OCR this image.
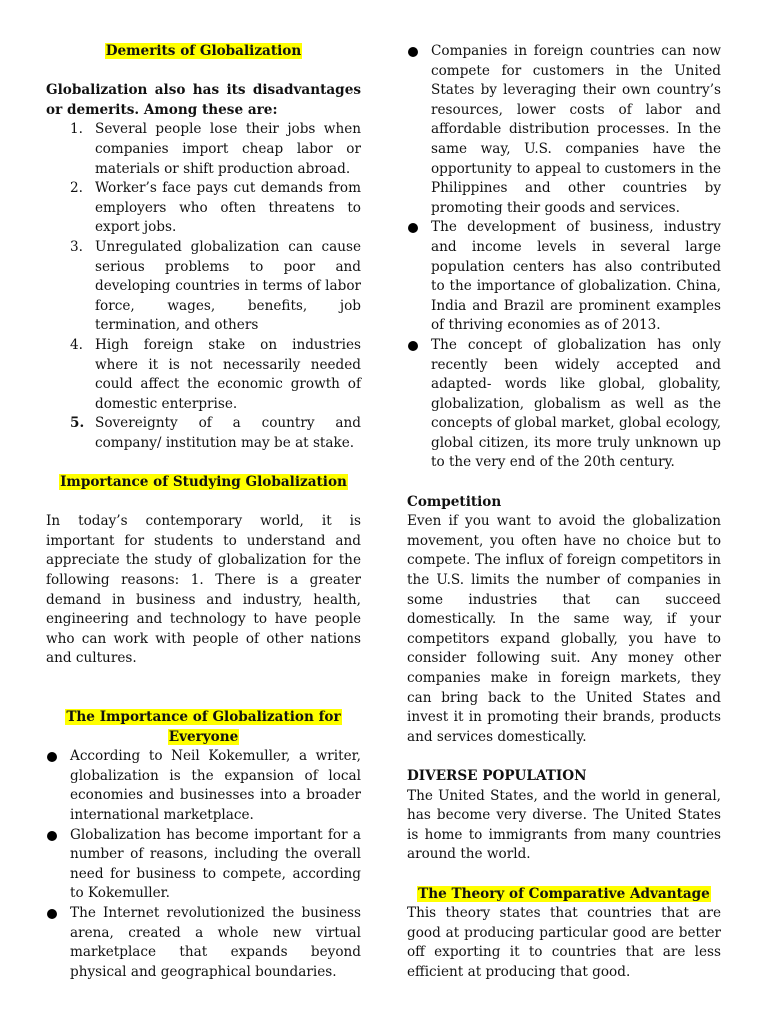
Demerits of Globalization

Globalization also has its disadvantages or demerits. Among these are:

1. Several people lose their jobs when companies import cheap labor or materials or shift production abroad.
2. Worker’s face pays cut demands from employers who often threatens to export jobs.
3. Unregulated globalization can cause serious problems to poor and developing countries in terms of labor force, wages, benefits, job termination, and others
4. High foreign stake on industries where it is not necessarily needed could affect the economic growth of domestic enterprise.
5. Sovereignty of a country and company/ institution may be at stake.

Importance of Studying Globalization

In today’s contemporary world, it is important for students to understand and appreciate the study of globalization for the following reasons: 1. There is a greater demand in business and industry, health, engineering and technology to have people who can work with people of other nations and cultures.

The Importance of Globalization for
Everyone

According to Neil Kokemuller, a writer, globalization is the expansion of local economies and businesses into a broader international marketplace.
Globalization has become important for a number of reasons, including the overall need for business to compete, according to Kokemuller.
The Internet revolutionized the business arena, created a whole new virtual marketplace that expands beyond physical and geographical boundaries.
Companies in foreign countries can now compete for customers in the United States by leveraging their own country’s resources, lower costs of labor and affordable distribution processes. In the same way, U.S. companies have the opportunity to appeal to customers in the Philippines and other countries by promoting their goods and services.
The development of business, industry and income levels in several large population centers has also contributed to the importance of globalization. China, India and Brazil are prominent examples of thriving economies as of 2013.
The concept of globalization has only recently been widely accepted and adapted- words like global, globality, globalization, globalism as well as the concepts of global market, global ecology, global citizen, its more truly unknown up to the very end of the 20th century.

Competition

Even if you want to avoid the globalization movement, you often have no choice but to compete. The influx of foreign competitors in the U.S. limits the number of companies in some industries that can succeed domestically. In the same way, if your competitors expand globally, you have to consider following suit. Any money other companies make in foreign markets, they can bring back to the United States and invest it in promoting their brands, products and services domestically.

DIVERSE POPULATION

The United States, and the world in general, has become very diverse. The United States is home to immigrants from many countries around the world.

The Theory of Comparative Advantage

This theory states that countries that are good at producing particular good are better off exporting it to countries that are less efficient at producing that good.
